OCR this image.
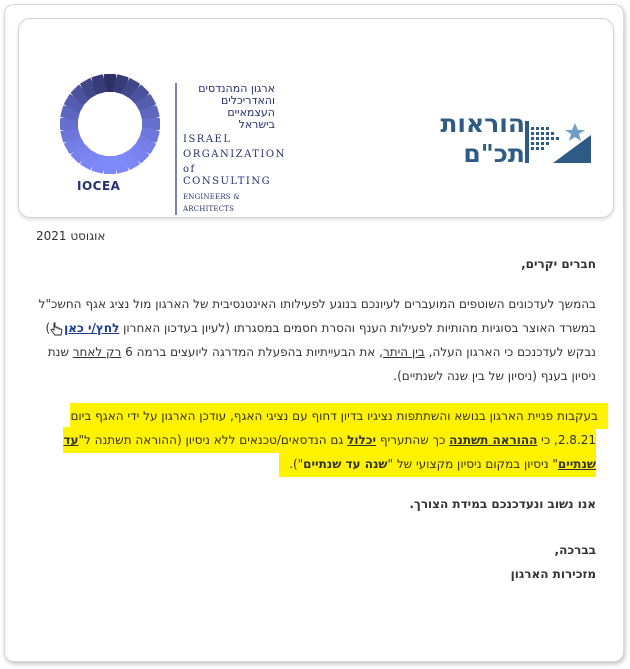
IOCEA
ארגון המהנדסים
והאדריכלים
העצמאיים
בישראל
ISRAEL
ORGANIZATION
of CONSULTING
ENGINEERS & ARCHITECTS
הוראות
תכ"ם
אוגוסט 2021
חברים יקרים,
בהמשך לעדכונים השוטפים המועברים לעיונכם בנוגע לפעילותו האינטנסיבית של הארגון מול נציג אגף החשכ"ל במשרד האוצר בסוגיות מהותיות לפעילות הענף והסרת חסמים במסגרתו (לעיון בעדכון האחרון לחץ/י כאן) נבקש לעדכנכם כי הארגון העלה, בין היתר, את הבעייתיות בהפעלת המדרגה ליועצים ברמה 6 רק לאחר שנת ניסיון בענף (ניסיון של בין שנה לשנתיים).
בעקבות פניית הארגון בנושא והשתתפות נציגיו בדיון דחוף עם נציגי האגף, עודכן הארגון על ידי האגף ביום 2.8.21, כי ההוראה תשתנה כך שהתעריף יכלול גם הנדסאים/טכנאים ללא ניסיון (ההוראה תשתנה ל"עד שנתיים" ניסיון במקום ניסיון מקצועי של "שנה עד שנתיים").
אנו נשוב ונעדכנכם במידת הצורך.
בברכה,
מזכירות הארגון
